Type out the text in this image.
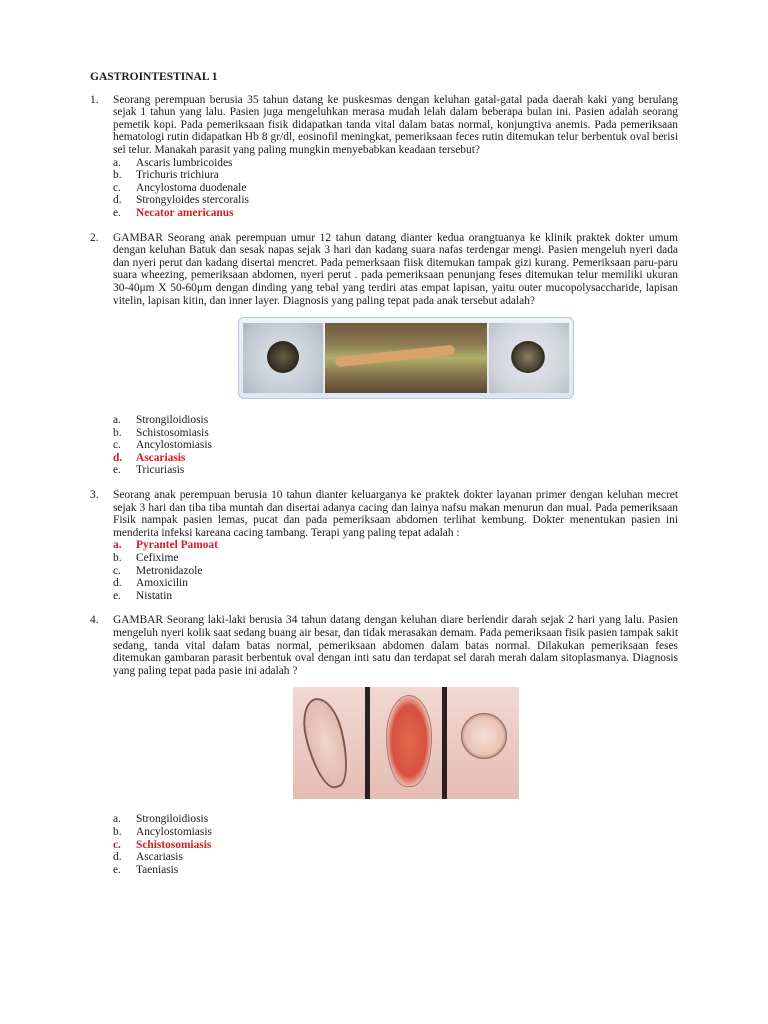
GASTROINTESTINAL 1
1. Seorang perempuan berusia 35 tahun datang ke puskesmas dengan keluhan gatal-gatal pada daerah kaki yang berulang sejak 1 tahun yang lalu. Pasien juga mengeluhkan merasa mudah lelah dalam beberapa bulan ini. Pasien adalah seorang pemetik kopi. Pada pemeriksaan fisik didapatkan tanda vital dalam batas normal, konjungtiva anemis. Pada pemeriksaan hematologi rutin didapatkan Hb 8 gr/dl, eosinofil meningkat, pemeriksaan feces rutin ditemukan telur berbentuk oval berisi sel telur. Manakah parasit yang paling mungkin menyebabkan keadaan tersebut?

a. Ascaris lumbricoides
b. Trichuris trichiura
c. Ancylostoma duodenale
d. Strongyloides stercoralis
e. Necator americanus
2. GAMBAR Seorang anak perempuan umur 12 tahun datang dianter kedua orangtuanya ke klinik praktek dokter umum dengan keluhan Batuk dan sesak napas sejak 3 hari dan kadang suara nafas terdengar mengi. Pasien mengeluh nyeri dada dan nyeri perut dan kadang disertai mencret. Pada pemerksaan fiisk ditemukan tampak gizi kurang. Pemeriksaan paru-paru suara wheezing, pemeriksaan abdomen, nyeri perut . pada pemeriksaan penunjang feses ditemukan telur memiliki ukuran 30-40μm X 50-60μm dengan dinding yang tebal yang terdiri atas empat lapisan, yaitu outer mucopolysaccharide, lapisan vitelin, lapisan kitin, dan inner layer. Diagnosis yang paling tepat pada anak tersebut adalah?

a. Strongiloidiosis
b. Schistosomiasis
c. Ancylostomiasis
d. Ascariasis
e. Tricuriasis
3. Seorang anak perempuan berusia 10 tahun dianter keluarganya ke praktek dokter layanan primer dengan keluhan mecret sejak 3 hari dan tiba tiba muntah dan disertai adanya cacing dan lainya nafsu makan menurun dan mual. Pada pemeriksaan Fisik nampak pasien lemas, pucat dan pada pemeriksaan abdomen terlihat kembung. Dokter menentukan pasien ini menderita infeksi kareana cacing tambang. Terapi yang paling tepat adalah :

a. Pyrantel Pamoat
b. Cefixime
c. Metronidazole
d. Amoxicilin
e. Nistatin
4. GAMBAR Seorang laki-laki berusia 34 tahun datang dengan keluhan diare berlendir darah sejak 2 hari yang lalu. Pasien mengeluh nyeri kolik saat sedang buang air besar, dan tidak merasakan demam. Pada pemeriksaan fisik pasien tampak sakit sedang, tanda vital dalam batas normal, pemeriksaan abdomen dalam batas normal. Dilakukan pemeriksaan feses ditemukan gambaran parasit berbentuk oval dengan inti satu dan terdapat sel darah merah dalam sitoplasmanya. Diagnosis yang paling tepat pada pasie ini adalah ?

a. Strongiloidiosis
b. Ancylostomiasis
c. Schistosomiasis
d. Ascariasis
e. Taeniasis
